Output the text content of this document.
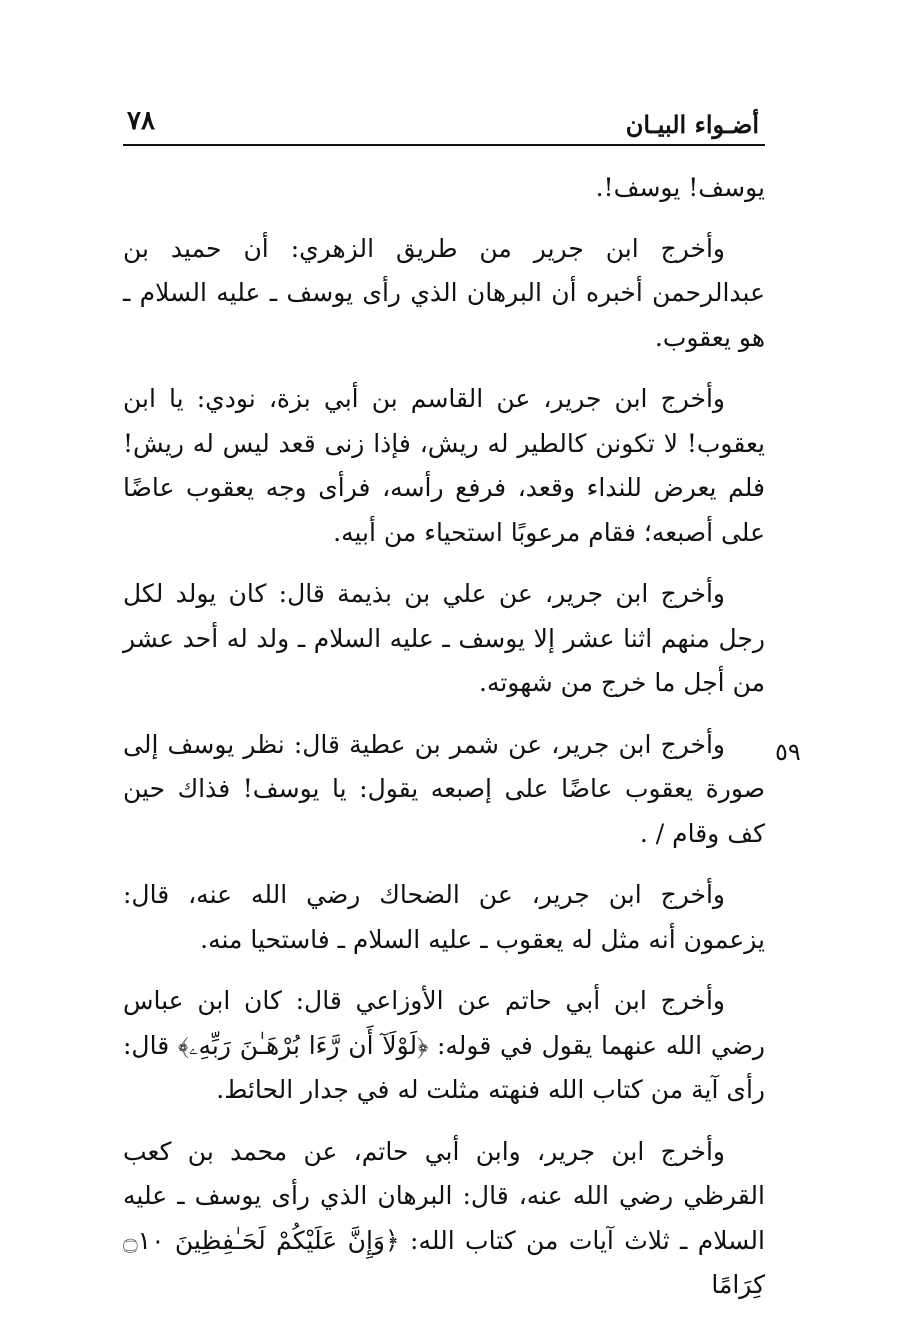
٧٨	أضـواء البيـان

يوسف! يوسف!.

وأخرج ابن جرير من طريق الزهري: أن حميد بن عبدالرحمن أخبره أن البرهان الذي رأى يوسف ـ عليه السلام ـ هو يعقوب.

وأخرج ابن جرير، عن القاسم بن أبي بزة، نودي: يا ابن يعقوب! لا تكونن كالطير له ريش، فإذا زنى قعد ليس له ريش! فلم يعرض للنداء وقعد، فرفع رأسه، فرأى وجه يعقوب عاضًا على أصبعه؛ فقام مرعوبًا استحياء من أبيه.

وأخرج ابن جرير، عن علي بن بذيمة قال: كان يولد لكل رجل منهم اثنا عشر إلا يوسف ـ عليه السلام ـ ولد له أحد عشر من أجل ما خرج من شهوته.

وأخرج ابن جرير، عن شمر بن عطية قال: نظر يوسف إلى صورة يعقوب عاضًا على إصبعه يقول: يا يوسف! فذاك حين كف وقام / .

وأخرج ابن جرير، عن الضحاك رضي الله عنه، قال: يزعمون أنه مثل له يعقوب ـ عليه السلام ـ فاستحيا منه.

وأخرج ابن أبي حاتم عن الأوزاعي قال: كان ابن عباس رضي الله عنهما يقول في قوله: ﴿لَوْلَآ أَن رَّءَا بُرْهَـٰنَ رَبِّهِۦ﴾ قال: رأى آية من كتاب الله فنهته مثلت له في جدار الحائط.

وأخرج ابن جرير، وابن أبي حاتم، عن محمد بن كعب القرظي رضي الله عنه، قال: البرهان الذي رأى يوسف ـ عليه السلام ـ ثلاث آيات من كتاب الله: ﴿وَإِنَّ عَلَيْكُمْ لَحَـٰفِظِينَ ۝١٠ كِرَامًا

٥٩
